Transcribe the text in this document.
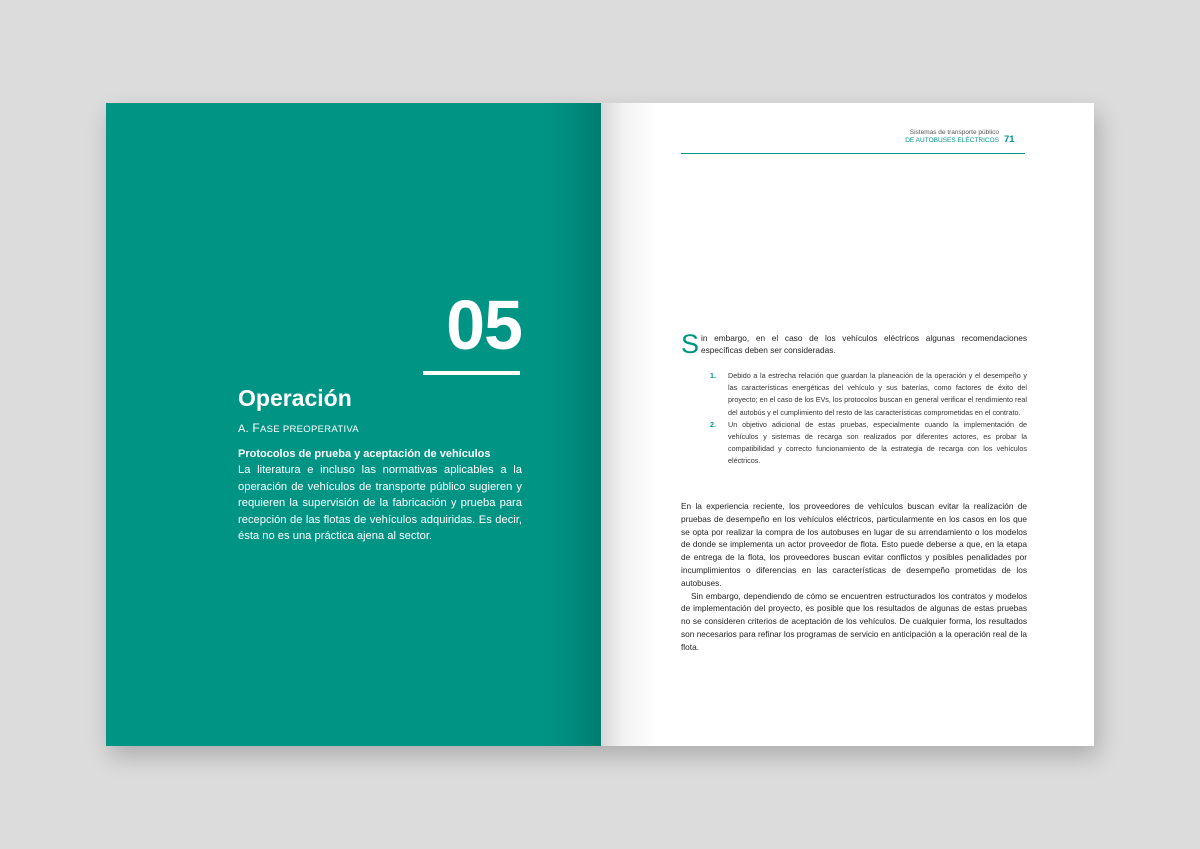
05
Operación
A. FASE PREOPERATIVA
Protocolos de prueba y aceptación de vehículos
La literatura e incluso las normativas aplicables a la operación de vehículos de transporte público sugieren y requieren la supervisión de la fabricación y prueba para recepción de las flotas de vehículos adquiridas. Es decir, ésta no es una práctica ajena al sector.
Sistemas de transporte público
DE AUTOBUSES ELÉCTRICOS 71
S in embargo, en el caso de los vehículos eléctricos algunas recomendaciones específicas deben ser consideradas.
1. Debido a la estrecha relación que guardan la planeación de la operación y el desempeño y las características energéticas del vehículo y sus baterías, como factores de éxito del proyecto; en el caso de los EVs, los protocolos buscan en general verificar el rendimiento real del autobús y el cumplimiento del resto de las características comprometidas en el contrato.
2. Un objetivo adicional de estas pruebas, especialmente cuando la implementación de vehículos y sistemas de recarga son realizados por diferentes actores, es probar la compatibilidad y correcto funcionamiento de la estrategia de recarga con los vehículos eléctricos.

En la experiencia reciente, los proveedores de vehículos buscan evitar la realización de pruebas de desempeño en los vehículos eléctricos, particularmente en los casos en los que se opta por realizar la compra de los autobuses en lugar de su arrendamiento o los modelos de donde se implementa un actor proveedor de flota. Esto puede deberse a que, en la etapa de entrega de la flota, los proveedores buscan evitar conflictos y posibles penalidades por incumplimientos o diferencias en las características de desempeño prometidas de los autobuses.

Sin embargo, dependiendo de cómo se encuentren estructurados los contratos y modelos de implementación del proyecto, es posible que los resultados de algunas de estas pruebas no se consideren criterios de aceptación de los vehículos. De cualquier forma, los resultados son necesarios para refinar los programas de servicio en anticipación a la operación real de la flota.
